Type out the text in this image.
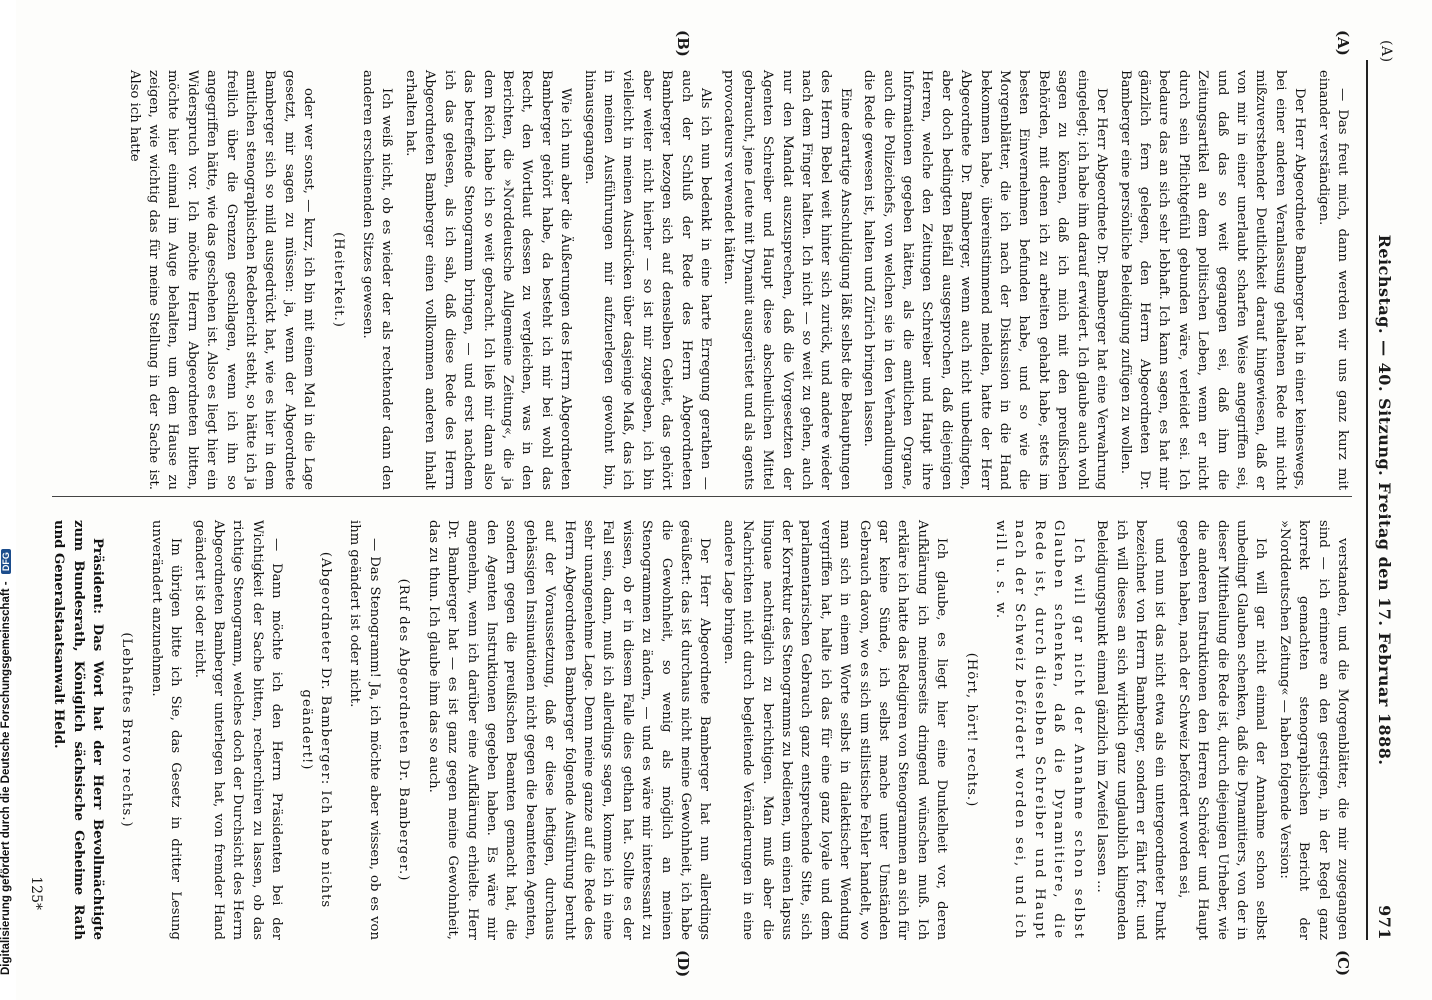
(A)
Reichstag. — 40. Sitzung. Freitag den 17. Februar 1888.
971
(A)
(B)
(C)
(D)

— Das freut mich, dann werden wir uns ganz kurz mit einander verständigen.

Der Herr Abgeordnete Bamberger hat in einer keineswegs, bei einer anderen Veranlassung gehaltenen Rede mit nicht mißzuverstehender Deutlichkeit darauf hingewiesen, daß er von mir in einer unerlaubt scharfen Weise angegriffen sei, und daß das so weit gegangen sei, daß ihm die Zeitungsartikel an dem politischen Leben, wenn er nicht durch sein Pflichtgefühl gebunden wäre, verleidet sei. Ich bedaure das an sich sehr lebhaft. Ich kann sagen, es hat mir gänzlich fern gelegen, den Herrn Abgeordneten Dr. Bamberger eine persönliche Beleidigung zufügen zu wollen.

Der Herr Abgeordnete Dr. Bamberger hat eine Verwahrung eingelegt; ich habe ihm darauf erwidert. Ich glaube auch wohl sagen zu können, daß ich mich mit den preußischen Behörden, mit denen ich zu arbeiten gehabt habe, stets im besten Einvernehmen befunden habe, und so wie die Morgenblätter, die ich nach der Diskussion in die Hand bekommen habe, übereinstimmend melden, hatte der Herr Abgeordnete Dr. Bamberger, wenn auch nicht unbedingten, aber doch bedingten Beifall ausgesprochen, daß diejenigen Herren, welche den Zeitungen Schreiber und Haupt ihre Informationen gegeben hätten, als die amtlichen Organe, auch die Polizeichefs, von welchen sie in den Verhandlungen die Rede gewesen ist, halten und Zürich bringen lassen.

Eine derartige Anschuldigung läßt selbst die Behauptungen des Herrn Bebel weit hinter sich zurück, und andere wieder nach dem Finger halten. Ich nicht — so weit zu gehen, auch nur den Mandat auszusprechen, daß die Vorgesetzten der Agenten Schreiber und Haupt diese abscheulichen Mittel gebraucht, jene Leute mit Dynamit ausgerüstet und als agents provocateurs verwendet hätten.

Als ich nun bedenkt in eine harte Erregung gerathen — auch der Schluß der Rede des Herrn Abgeordneten Bamberger bezogen sich auf denselben Gebiet, das gehört aber weiter nicht hierher — so ist mir zugegeben, ich bin vielleicht in meinen Ausdrücken über dasjenige Maß, das ich in meinen Ausführungen mir aufzuerlegen gewohnt bin, hinausgegangen.

Wie ich nun aber die Äußerungen des Herrn Abgeordneten Bamberger gehört habe, da besteht ich mir bei wohl das Recht, den Wortlaut dessen zu vergleichen, was in den Berichten, die »Norddeutsche Allgemeine Zeitung«, die ja dem Reich habe ich so weit gebracht. Ich ließ mir dann also das betreffende Stenogramm bringen, — und erst nachdem ich das gelesen, als ich sah, daß diese Rede des Herrn Abgeordneten Bamberger einen vollkommen anderen Inhalt erhalten hat.

Ich weiß nicht, ob es wieder der als rechtender dann den anderen erscheinenden Sitzes gewesen.

(Heiterkeit.)

oder wer sonst, — kurz, ich bin mit einem Mal in die Lage gesetzt, mir sagen zu müssen: ja, wenn der Abgeordnete Bamberger sich so mild ausgedrückt hat, wie es hier in dem amtlichen stenographischen Redebericht steht, so hätte ich ja freilich über die Grenzen geschlagen, wenn ich ihn so angegriffen hätte, wie das geschehen ist. Also es liegt hier ein Widerspruch vor. Ich möchte Herrn Abgeordneten bitten, möchte hier einmal im Auge behalten, um dem Hause zu zeigen, wie wichtig das für meine Stellung in der Sache ist. Also ich hatte

verstanden, und die Morgenblätter, die mir zugegangen sind — ich erinnere an den gestrigen, in der Regel ganz korrekt gemachten stenographischen Bericht der »Norddeutschen Zeitung« — haben folgende Version:

Ich will gar nicht einmal der Annahme schon selbst unbedingt Glauben schenken, daß die Dynamitiers, von der in dieser Mittheilung die Rede ist, durch diejenigen Urheber, wie die anderen Instruktionen den Herren Schröder und Haupt gegeben haben, nach der Schweiz befördert worden sei,

und nun ist das nicht etwa als ein untergeordneter Punkt bezeichnet von Herrn Bamberger, sondern er fährt fort: und ich will dieses an sich wirklich ganz unglaublich klingenden Beleidigungspunkt einmal gänzlich im Zweifel lassen ...

Ich will gar nicht der Annahme schon selbst Glauben schenken, daß die Dynamitiere, die Rede ist, durch dieselben Schreiber und Haupt nach der Schweiz befördert worden sei, und ich will u. s. w.

(Hört, hört! rechts.)

Ich glaube, es liegt hier eine Dunkelheit vor, deren Aufklärung ich meinerseits dringend wünschen muß. Ich erkläre ich hatte das Redigiren von Stenogrammen an sich für gar keine Sünde, ich selbst mache unter Umständen Gebrauch davon, wo es sich um stilistische Fehler handelt, wo man sich in einem Worte selbst in dialektischer Wendung vergriffen hat, halte ich das für eine ganz loyale und dem parlamentarischen Gebrauch ganz entsprechende Sitte, sich der Korrektur des Stenogramms zu bedienen, um einen lapsus linguae nachträglich zu berichtigen. Man muß aber die Nachrichten nicht durch begleitende Veränderungen in eine andere Lage bringen.

Der Herr Abgeordnete Bamberger hat nun allerdings geäußert: das ist durchaus nicht meine Gewohnheit, ich habe die Gewohnheit, so wenig als möglich an meinen Stenogrammen zu ändern, — und es wäre mir interessant zu wissen, ob er in diesem Falle dies gethan hat. Sollte es der Fall sein, dann, muß ich allerdings sagen, komme ich in eine sehr unangenehme Lage. Denn meine ganze auf die Rede des Herrn Abgeordneten Bamberger folgende Ausführung beruht auf der Voraussetzung, daß er diese heftigen, durchaus gehässigen Insinuationen nicht gegen die beamteten Agenten, sondern gegen die preußischen Beamten gemacht hat, die den Agenten Instruktionen gegeben haben. Es wäre mir angenehm, wenn ich darüber eine Aufklärung erhielte. Herr Dr. Bamberger hat — es ist ganz gegen meine Gewohnheit, das zu thun. Ich glaube ihm das so auch.

(Ruf des Abgeordneten Dr. Bamberger.)

— Das Stenogramm! Ja, ich möchte aber wissen, ob es von ihm geändert ist oder nicht.

(Abgeordneter Dr. Bamberger: Ich habe nichts geändert!)

— Dann möchte ich den Herrn Präsidenten bei der Wichtigkeit der Sache bitten, recherchiren zu lassen, ob das richtige Stenogramm, welches doch der Durchsicht des Herrn Abgeordneten Bamberger unterlegen hat, von fremder Hand geändert ist oder nicht.

Im übrigen bitte ich Sie, das Gesetz in dritter Lesung unverändert anzunehmen.

(Lebhaftes Bravo rechts.)

Präsident: Das Wort hat der Herr Bevollmächtigte zum Bundesrath, Königlich sächsische Geheime Rath und Generalstaatsanwalt Held.

125*
Digitalisierung gefördert durch die Deutsche Forschungsgemeinschaft - DFG
